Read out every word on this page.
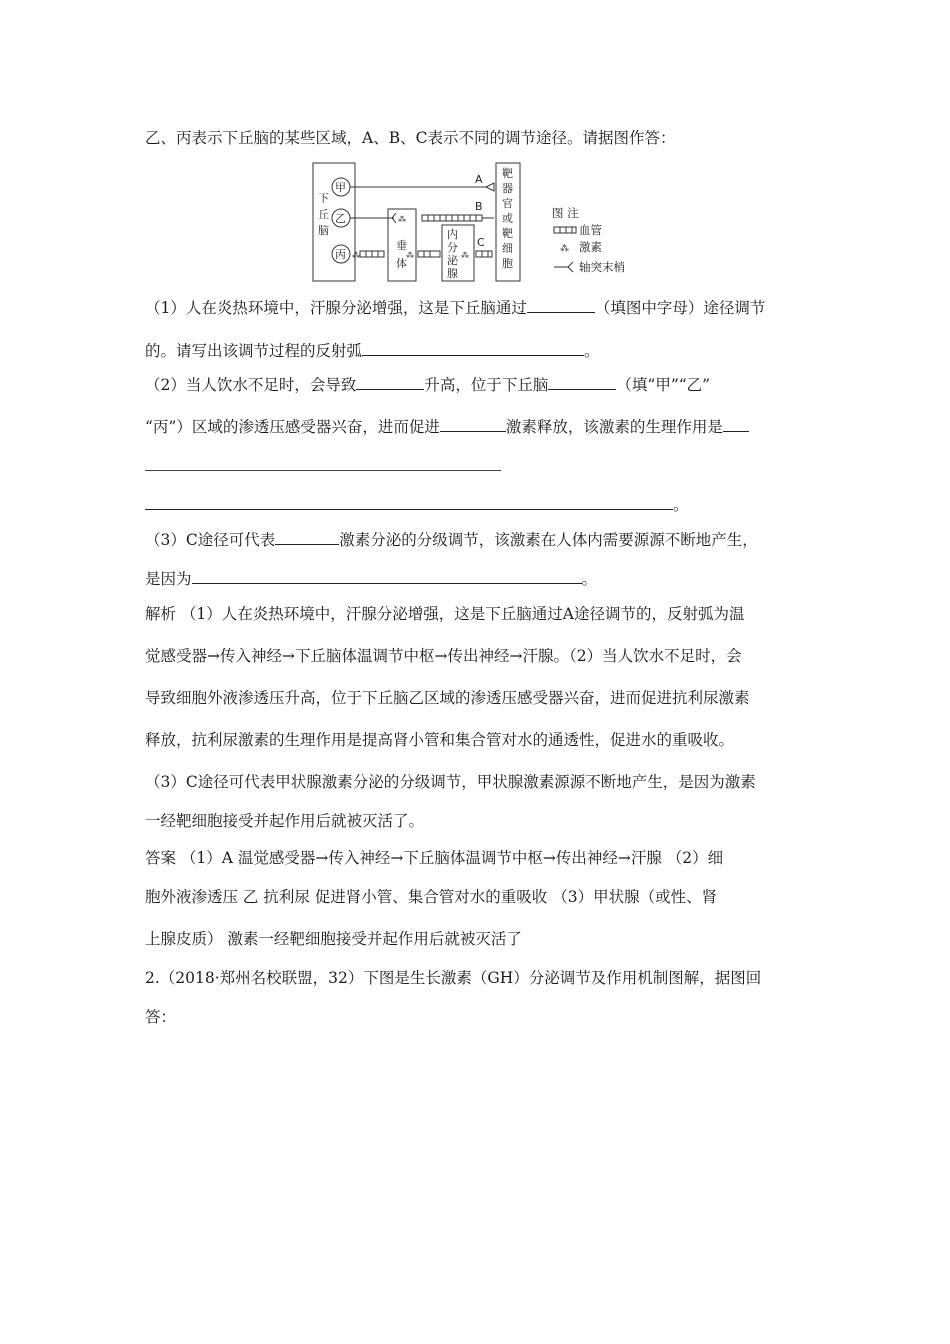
乙、丙表示下丘脑的某些区域，A、B、C表示不同的调节途径。请据图作答：
下
丘
脑
甲
乙
丙
A
⁂
垂
体
B
⁂	⁂
内
分
泌
腺
⁂
C
靶
器
官
或
靶
细
胞
图 注
血管
⁂ 激素
轴突末梢
（1）人在炎热环境中，汗腺分泌增强，这是下丘脑通过	（填图中字母）途径调节
的。请写出该调节过程的反射弧	。
（2）当人饮水不足时，会导致	升高，位于下丘脑	（填“甲”“乙”
“丙”）区域的渗透压感受器兴奋，进而促进	激素释放，该激素的生理作用是
。
（3）C途径可代表	激素分泌的分级调节，该激素在人体内需要源源不断地产生，
是因为	。
解析 （1）人在炎热环境中，汗腺分泌增强，这是下丘脑通过A途径调节的，反射弧为温
觉感受器→传入神经→下丘脑体温调节中枢→传出神经→汗腺。（2）当人饮水不足时，会
导致细胞外液渗透压升高，位于下丘脑乙区域的渗透压感受器兴奋，进而促进抗利尿激素
释放，抗利尿激素的生理作用是提高肾小管和集合管对水的通透性，促进水的重吸收。
（3）C途径可代表甲状腺激素分泌的分级调节，甲状腺激素源源不断地产生，是因为激素
一经靶细胞接受并起作用后就被灭活了。
答案 （1）A 温觉感受器→传入神经→下丘脑体温调节中枢→传出神经→汗腺 （2）细
胞外液渗透压 乙 抗利尿 促进肾小管、集合管对水的重吸收 （3）甲状腺（或性、肾
上腺皮质） 激素一经靶细胞接受并起作用后就被灭活了
2.（2018·郑州名校联盟，32）下图是生长激素（GH）分泌调节及作用机制图解，据图回
答：
